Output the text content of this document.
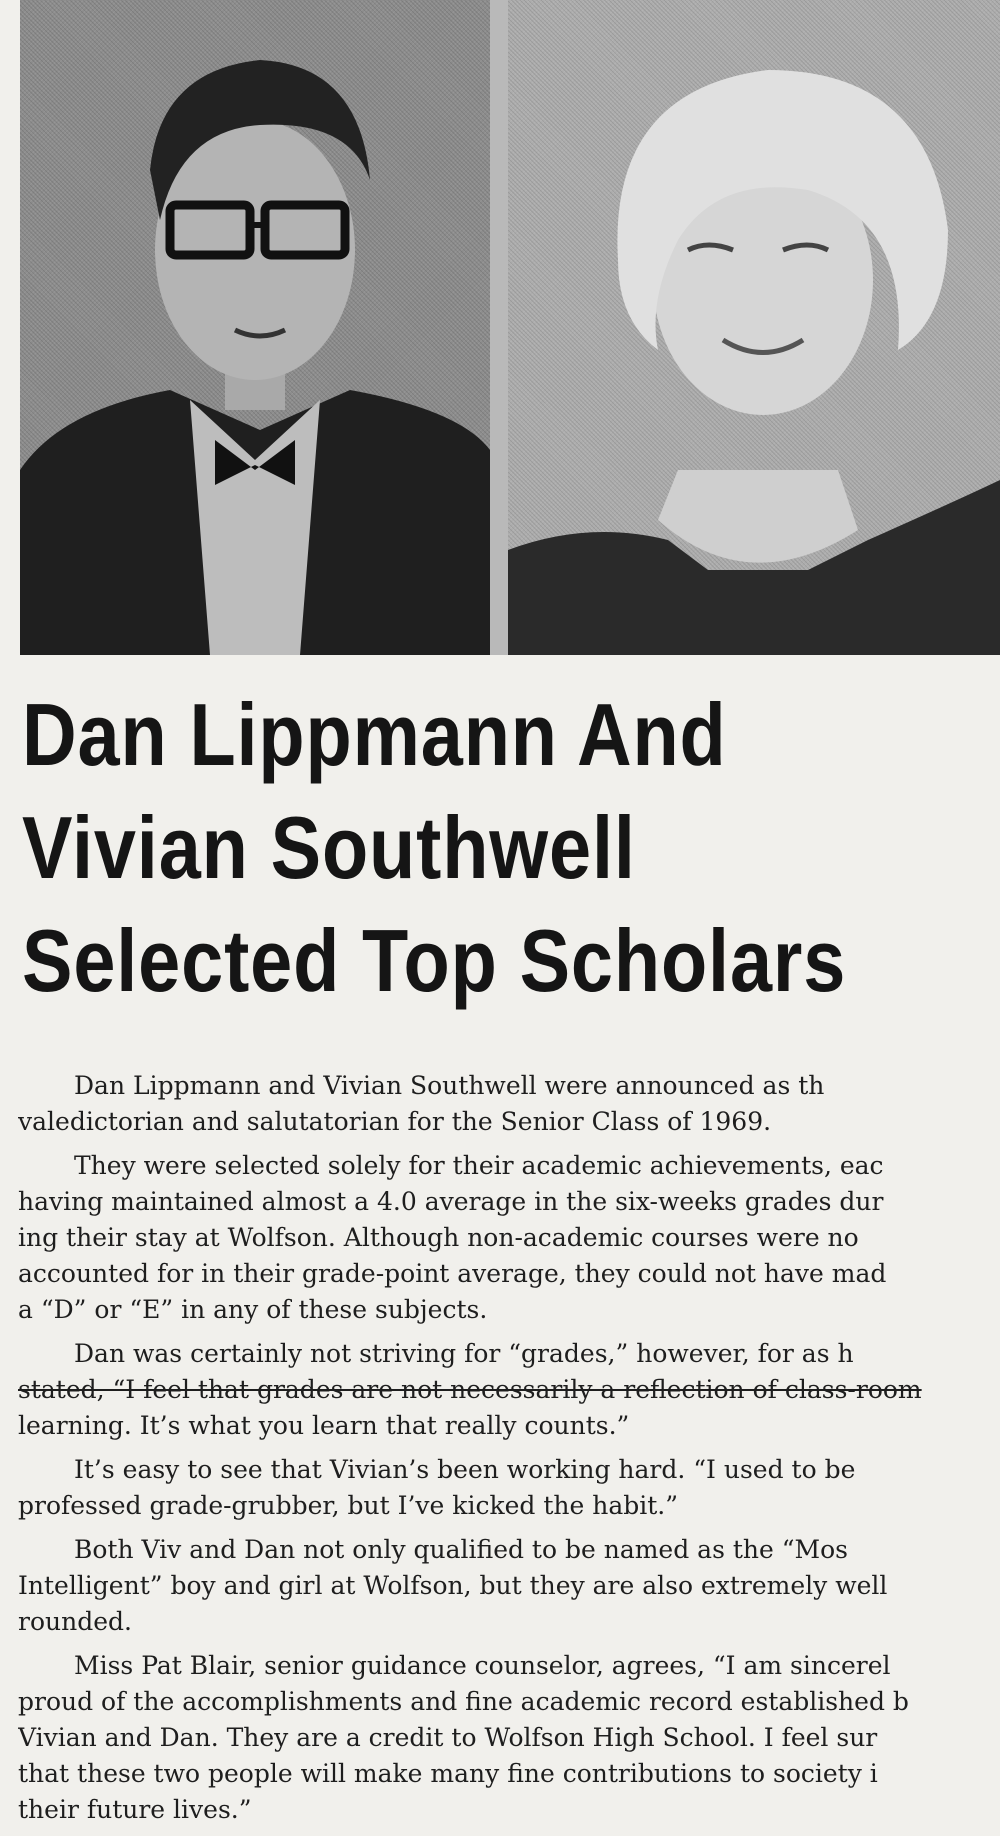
Dan Lippmann And
Vivian Southwell
Selected Top Scholars

Dan Lippmann and Vivian Southwell were announced as th
valedictorian and salutatorian for the Senior Class of 1969.

They were selected solely for their academic achievements, eac
having maintained almost a 4.0 average in the six-weeks grades dur
ing their stay at Wolfson. Although non-academic courses were no
accounted for in their grade-point average, they could not have mad
a “D” or “E” in any of these subjects.

Dan was certainly not striving for “grades,” however, for as h
stated, “I feel that grades are not necessarily a reflection of class-room
learning. It’s what you learn that really counts.”

It’s easy to see that Vivian’s been working hard. “I used to be
professed grade-grubber, but I’ve kicked the habit.”

Both Viv and Dan not only qualified to be named as the “Mos
Intelligent” boy and girl at Wolfson, but they are also extremely well
rounded.

Miss Pat Blair, senior guidance counselor, agrees, “I am sincerel
proud of the accomplishments and fine academic record established b
Vivian and Dan. They are a credit to Wolfson High School. I feel sur
that these two people will make many fine contributions to society i
their future lives.”
